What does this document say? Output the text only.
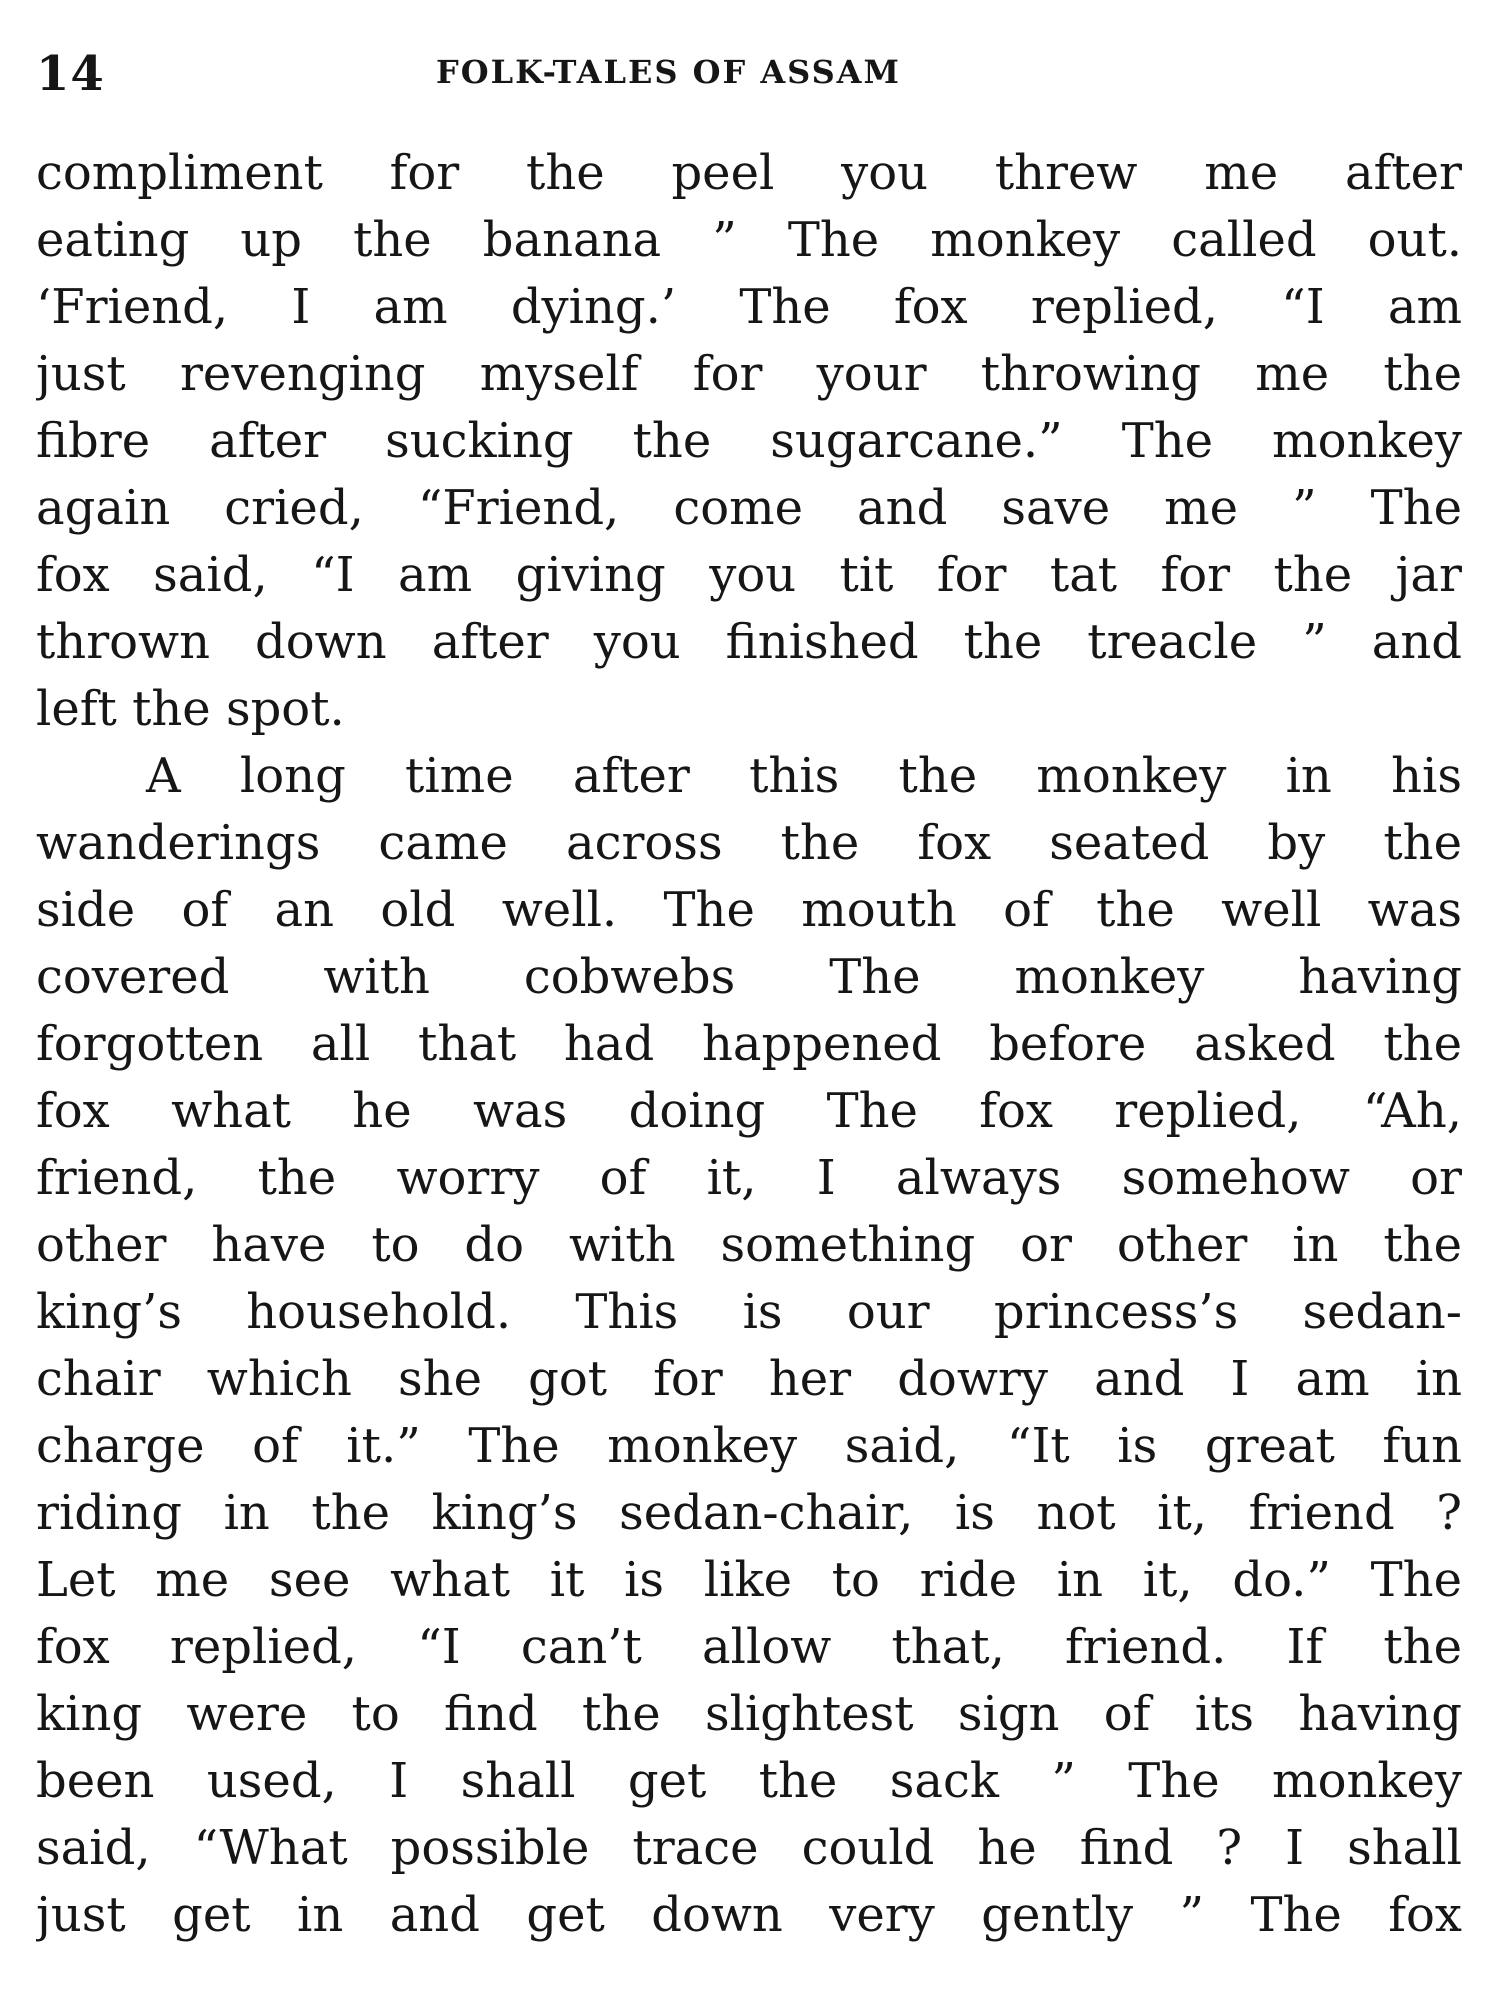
14	FOLK-TALES OF ASSAM
compliment for the peel you threw me after
eating up the banana ” The monkey called out.
‘Friend, I am dying.’ The fox replied, “I am
just revenging myself for your throwing me the
fibre after sucking the sugarcane.” The monkey
again cried, “Friend, come and save me ” The
fox said, “I am giving you tit for tat for the jar
thrown down after you finished the treacle ” and
left the spot.
A long time after this the monkey in his
wanderings came across the fox seated by the
side of an old well. The mouth of the well was
covered with cobwebs The monkey having
forgotten all that had happened before asked the
fox what he was doing The fox replied, “Ah,
friend, the worry of it, I always somehow or
other have to do with something or other in the
king’s household. This is our princess’s sedan-
chair which she got for her dowry and I am in
charge of it.” The monkey said, “It is great fun
riding in the king’s sedan-chair, is not it, friend ?
Let me see what it is like to ride in it, do.” The
fox replied, “I can’t allow that, friend. If the
king were to find the slightest sign of its having
been used, I shall get the sack ” The monkey
said, “What possible trace could he find ? I shall
just get in and get down very gently ” The fox
